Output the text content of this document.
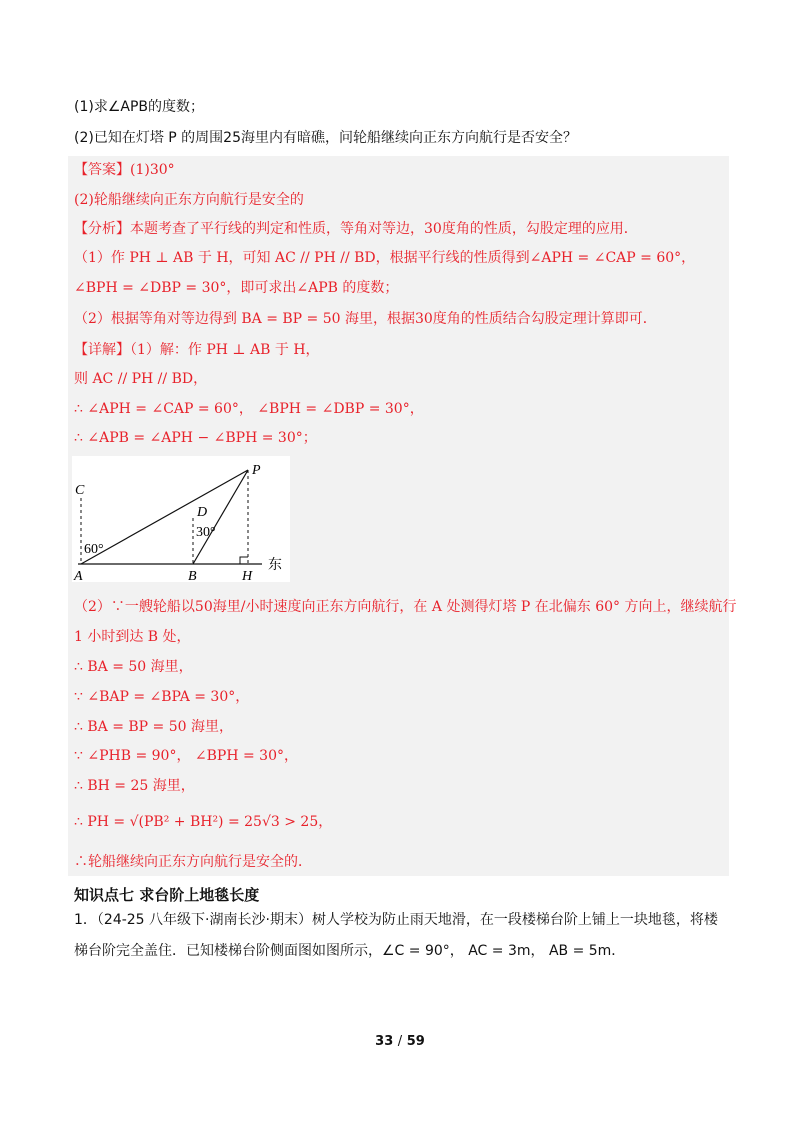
(1)求∠APB的度数；
(2)已知在灯塔 P 的周围25海里内有暗礁，问轮船继续向正东方向航行是否安全？
【答案】(1)30°
(2)轮船继续向正东方向航行是安全的
【分析】本题考查了平行线的判定和性质，等角对等边，30度角的性质，勾股定理的应用．
（1）作 PH ⊥ AB 于 H，可知 AC // PH // BD，根据平行线的性质得到∠APH = ∠CAP = 60°，
∠BPH = ∠DBP = 30°，即可求出∠APB 的度数；
（2）根据等角对等边得到 BA = BP = 50 海里，根据30度角的性质结合勾股定理计算即可．
【详解】（1）解：作 PH ⊥ AB 于 H，
则 AC // PH // BD，
∴ ∠APH = ∠CAP = 60°， ∠BPH = ∠DBP = 30°，
∴ ∠APB = ∠APH − ∠BPH = 30°；
C
D
P
A	B	H
东
60°
30°
（2）∵一艘轮船以50海里/小时速度向正东方向航行，在 A 处测得灯塔 P 在北偏东 60° 方向上，继续航行
1 小时到达 B 处，
∴ BA = 50 海里，
∵ ∠BAP = ∠BPA = 30°，
∴ BA = BP = 50 海里，
∵ ∠PHB = 90°， ∠BPH = 30°，
∴ BH = 25 海里，
∴ PH = √(PB² + BH²) = 25√3 > 25，
∴轮船继续向正东方向航行是安全的．
知识点七 求台阶上地毯长度
1．（24-25 八年级下·湖南长沙·期末）树人学校为防止雨天地滑，在一段楼梯台阶上铺上一块地毯，将楼
梯台阶完全盖住．已知楼梯台阶侧面图如图所示，∠C = 90°， AC = 3m， AB = 5m．
33 / 59
